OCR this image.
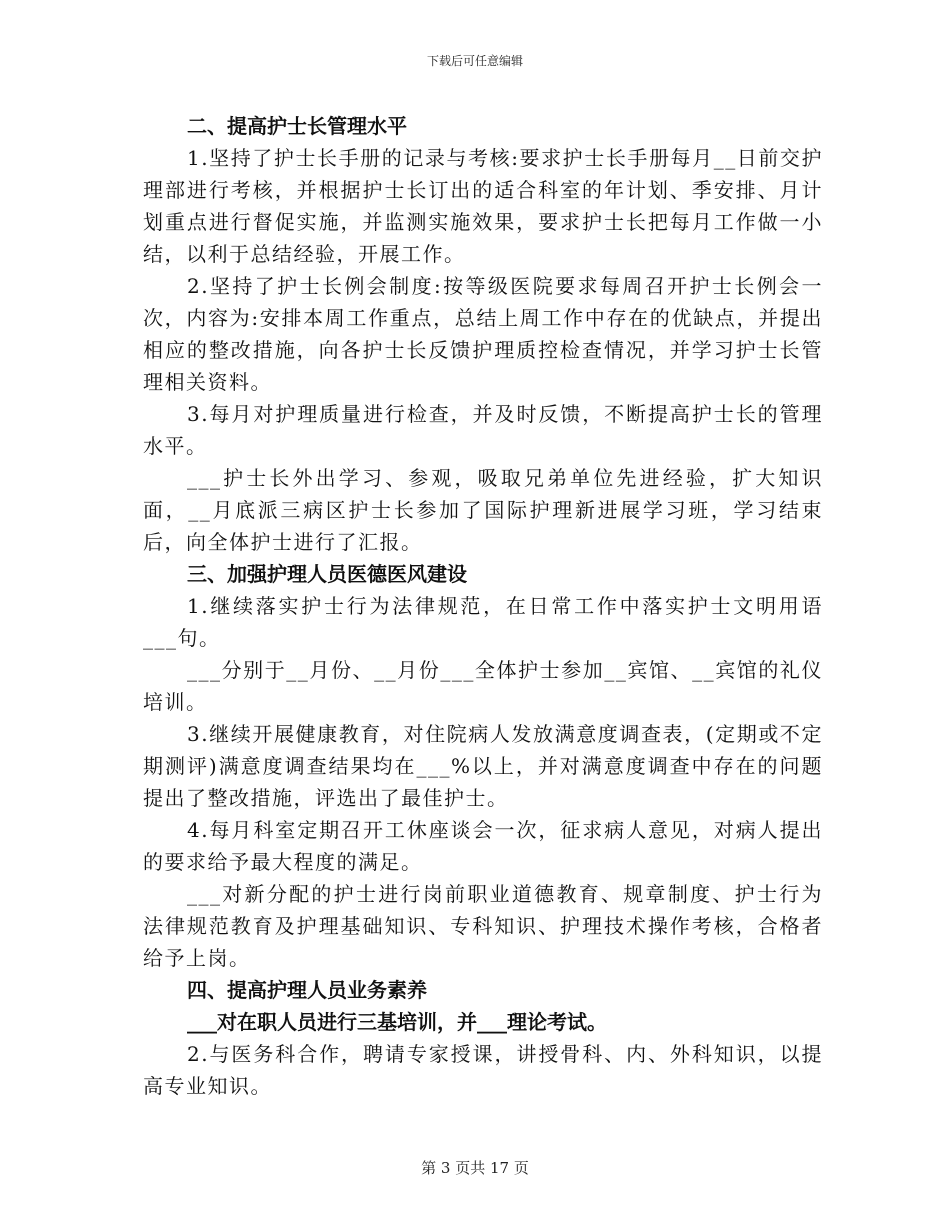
下载后可任意编辑
二、提高护士长管理水平

1.坚持了护士长手册的记录与考核:要求护士长手册每月__日前交护理部进行考核，并根据护士长订出的适合科室的年计划、季安排、月计划重点进行督促实施，并监测实施效果，要求护士长把每月工作做一小结，以利于总结经验，开展工作。

2.坚持了护士长例会制度:按等级医院要求每周召开护士长例会一次，内容为:安排本周工作重点，总结上周工作中存在的优缺点，并提出相应的整改措施，向各护士长反馈护理质控检查情况，并学习护士长管理相关资料。

3.每月对护理质量进行检查，并及时反馈，不断提高护士长的管理水平。

___护士长外出学习、参观，吸取兄弟单位先进经验，扩大知识面，__月底派三病区护士长参加了国际护理新进展学习班，学习结束后，向全体护士进行了汇报。

三、加强护理人员医德医风建设

1.继续落实护士行为法律规范，在日常工作中落实护士文明用语___句。

___分别于__月份、__月份___全体护士参加__宾馆、__宾馆的礼仪培训。

3.继续开展健康教育，对住院病人发放满意度调查表，(定期或不定期测评)满意度调查结果均在___%以上，并对满意度调查中存在的问题提出了整改措施，评选出了最佳护士。

4.每月科室定期召开工休座谈会一次，征求病人意见，对病人提出的要求给予最大程度的满足。

___对新分配的护士进行岗前职业道德教育、规章制度、护士行为法律规范教育及护理基础知识、专科知识、护理技术操作考核，合格者给予上岗。

四、提高护理人员业务素养
___对在职人员进行三基培训，并___理论考试。

2.与医务科合作，聘请专家授课，讲授骨科、内、外科知识，以提高专业知识。

第 3 页共 17 页
